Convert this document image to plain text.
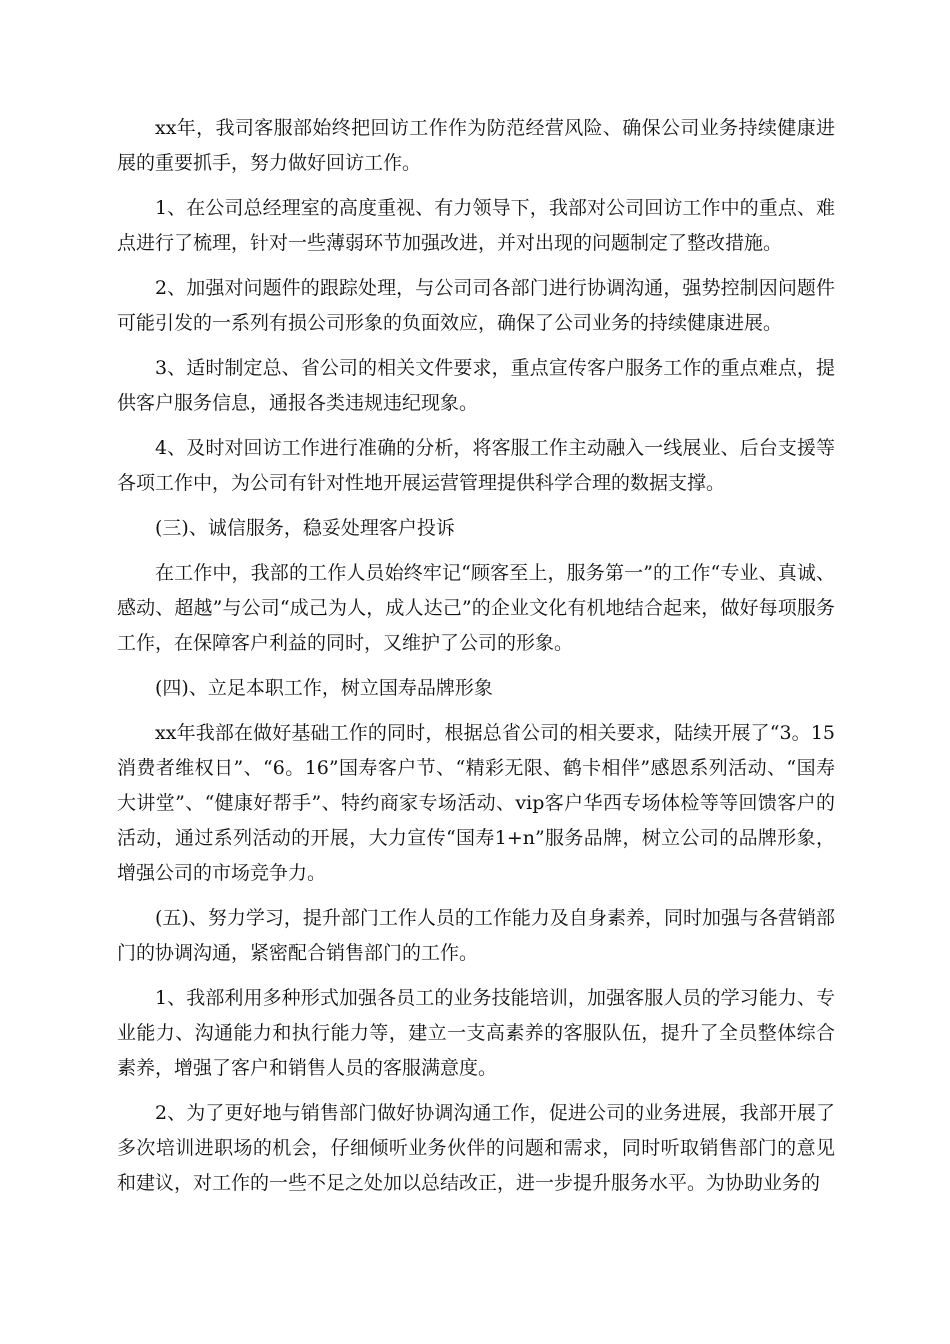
xx年，我司客服部始终把回访工作作为防范经营风险、确保公司业务持续健康进展的重要抓手，努力做好回访工作。

1、在公司总经理室的高度重视、有力领导下，我部对公司回访工作中的重点、难点进行了梳理，针对一些薄弱环节加强改进，并对出现的问题制定了整改措施。

2、加强对问题件的跟踪处理，与公司司各部门进行协调沟通，强势控制因问题件可能引发的一系列有损公司形象的负面效应，确保了公司业务的持续健康进展。

3、适时制定总、省公司的相关文件要求，重点宣传客户服务工作的重点难点，提供客户服务信息，通报各类违规违纪现象。

4、及时对回访工作进行准确的分析，将客服工作主动融入一线展业、后台支援等各项工作中，为公司有针对性地开展运营管理提供科学合理的数据支撑。

(三)、诚信服务，稳妥处理客户投诉

在工作中，我部的工作人员始终牢记“顾客至上，服务第一”的工作“专业、真诚、感动、超越”与公司“成己为人，成人达己”的企业文化有机地结合起来，做好每项服务工作，在保障客户利益的同时，又维护了公司的形象。

(四)、立足本职工作，树立国寿品牌形象

xx年我部在做好基础工作的同时，根据总省公司的相关要求，陆续开展了“3。15消费者维权日”、“6。16”国寿客户节、“精彩无限、鹤卡相伴”感恩系列活动、“国寿大讲堂”、“健康好帮手”、特约商家专场活动、vip客户华西专场体检等等回馈客户的活动，通过系列活动的开展，大力宣传“国寿1+n”服务品牌，树立公司的品牌形象，增强公司的市场竞争力。

(五)、努力学习，提升部门工作人员的工作能力及自身素养，同时加强与各营销部门的协调沟通，紧密配合销售部门的工作。

1、我部利用多种形式加强各员工的业务技能培训，加强客服人员的学习能力、专业能力、沟通能力和执行能力等，建立一支高素养的客服队伍，提升了全员整体综合素养，增强了客户和销售人员的客服满意度。

2、为了更好地与销售部门做好协调沟通工作，促进公司的业务进展，我部开展了多次培训进职场的机会，仔细倾听业务伙伴的问题和需求，同时听取销售部门的意见和建议，对工作的一些不足之处加以总结改正，进一步提升服务水平。为协助业务的
